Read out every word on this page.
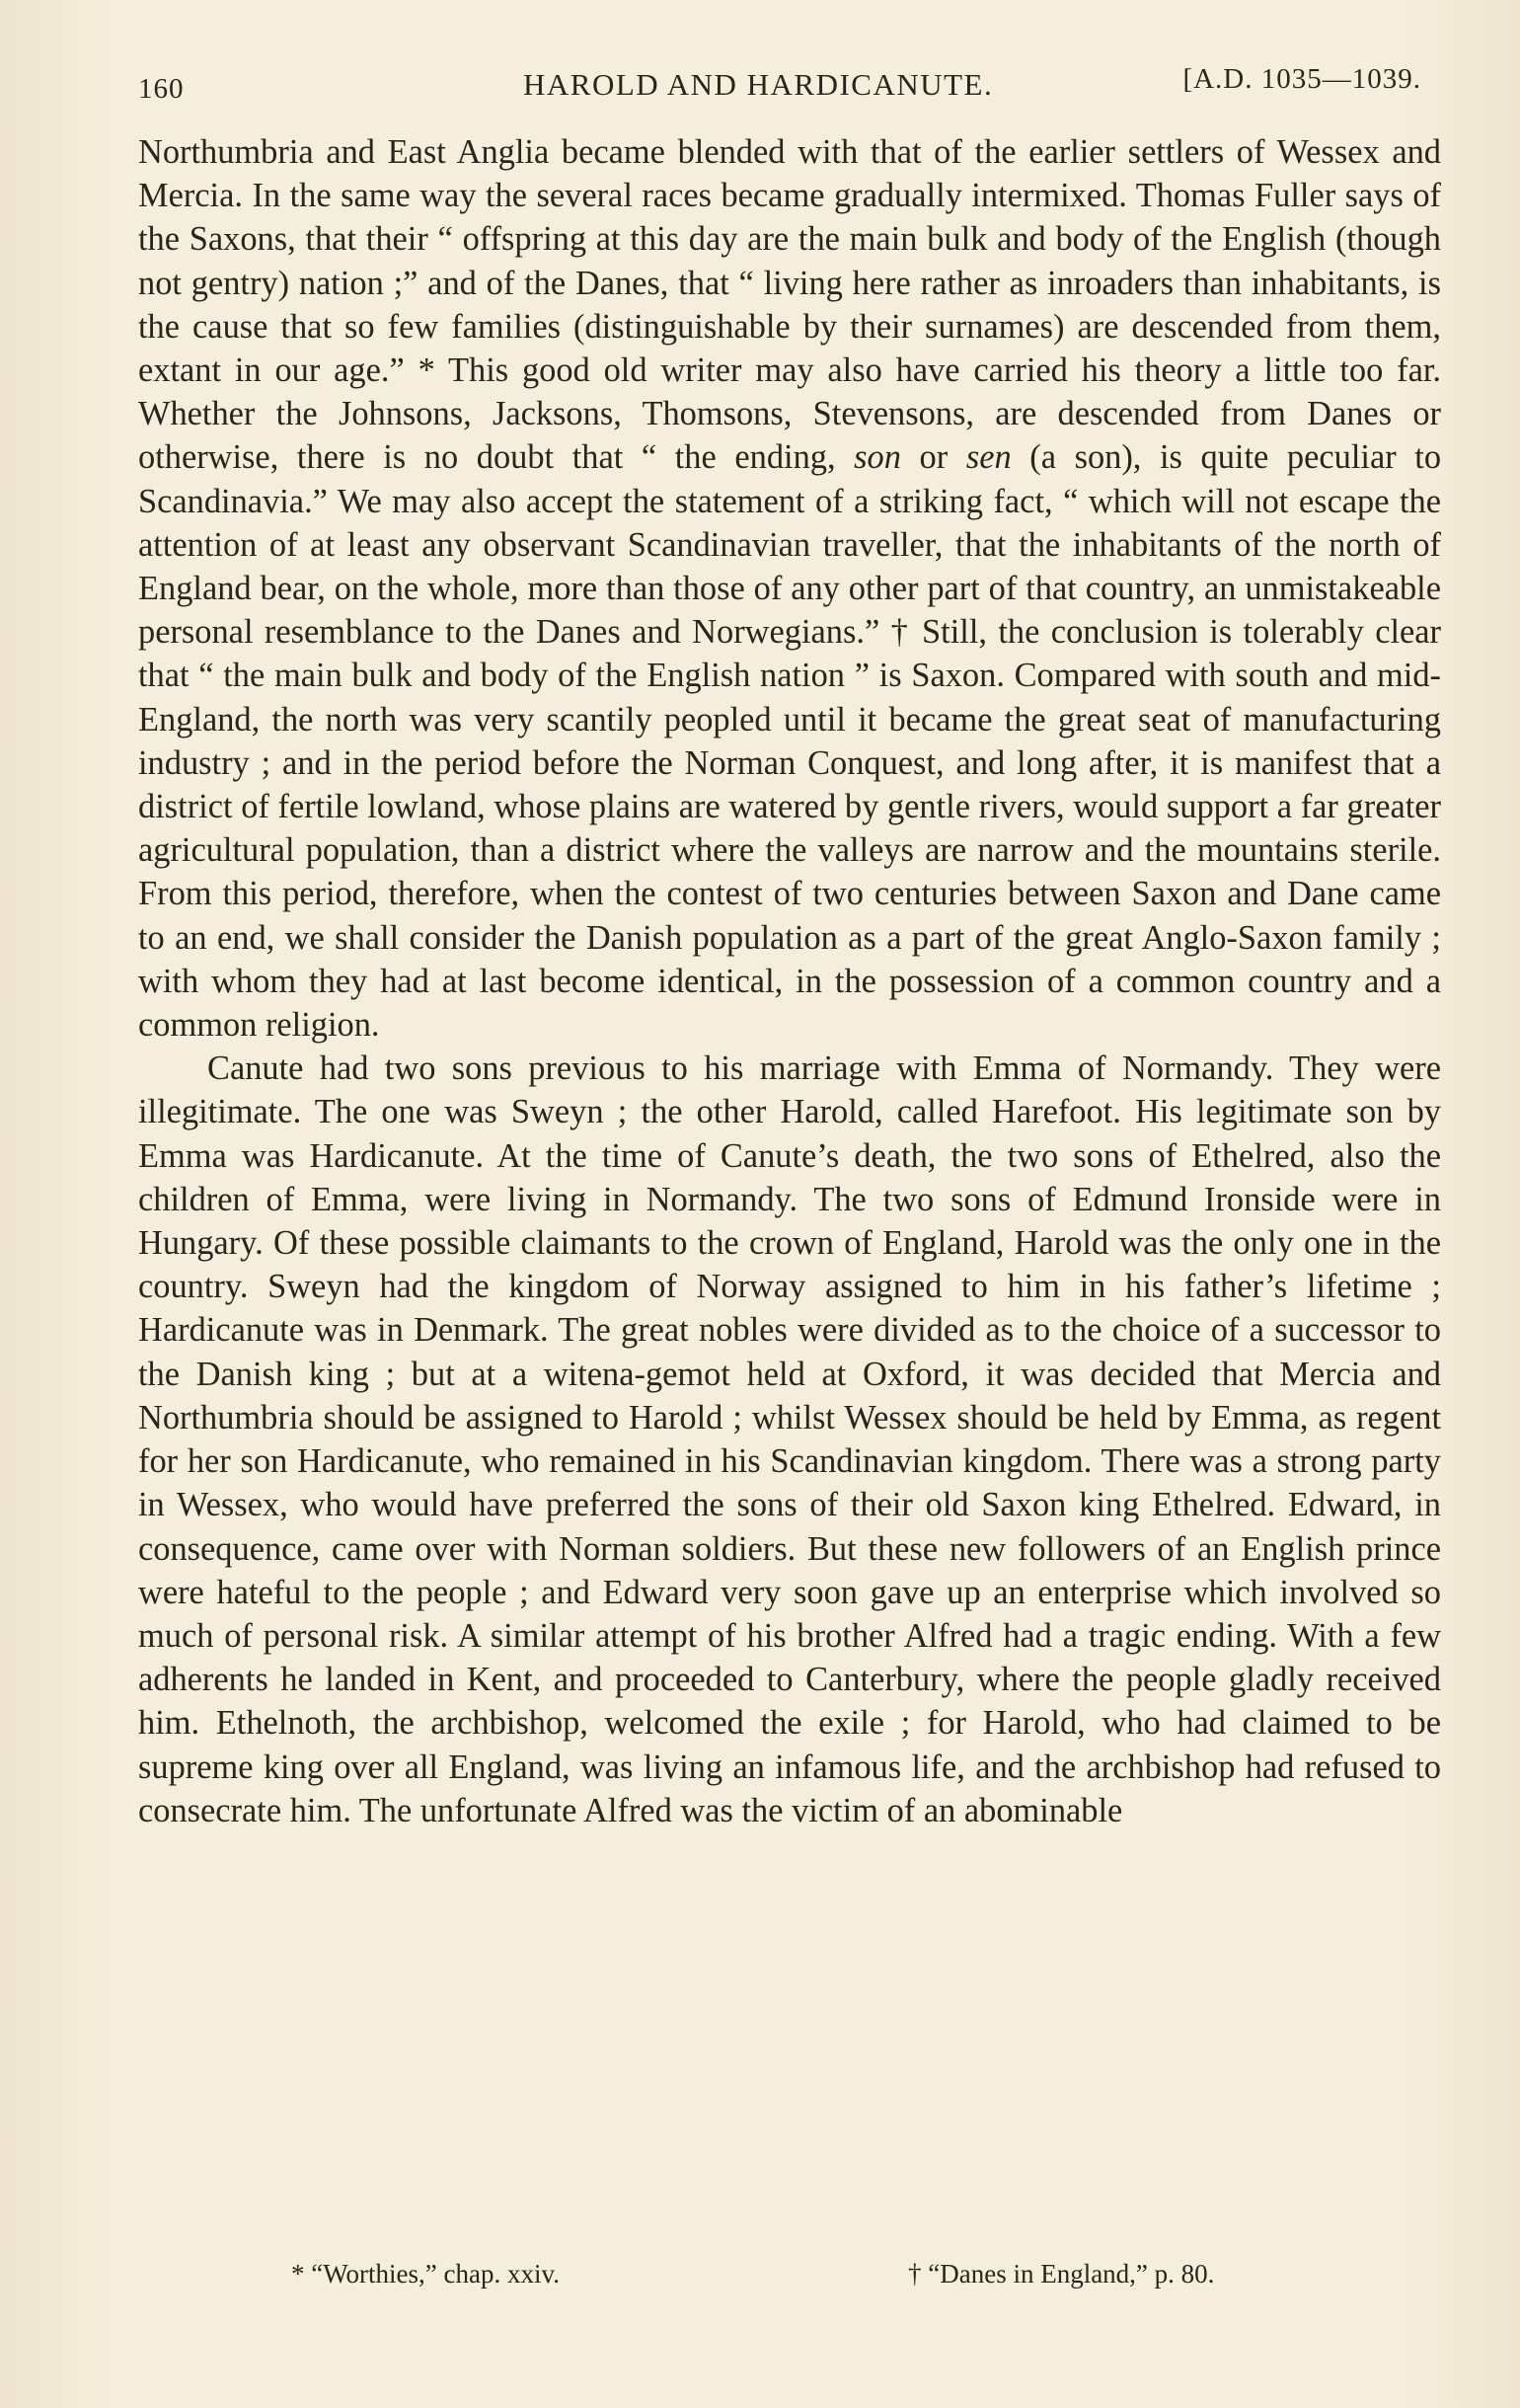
160	HAROLD AND HARDICANUTE.	[A.D. 1035—1039.

Northumbria and East Anglia became blended with that of the earlier settlers of Wessex and Mercia. In the same way the several races became gradually intermixed. Thomas Fuller says of the Saxons, that their “ offspring at this day are the main bulk and body of the English (though not gentry) nation ;” and of the Danes, that “ living here rather as inroaders than inhabitants, is the cause that so few families (distinguishable by their surnames) are descended from them, extant in our age.” * This good old writer may also have carried his theory a little too far. Whether the Johnsons, Jacksons, Thomsons, Stevensons, are descended from Danes or otherwise, there is no doubt that “ the ending, son or sen (a son), is quite peculiar to Scandinavia.” We may also accept the statement of a striking fact, “ which will not escape the attention of at least any observant Scandinavian traveller, that the inhabitants of the north of England bear, on the whole, more than those of any other part of that country, an unmistakeable personal resemblance to the Danes and Norwegians.” † Still, the conclusion is tolerably clear that “ the main bulk and body of the English nation ” is Saxon. Compared with south and mid-England, the north was very scantily peopled until it became the great seat of manufacturing industry ; and in the period before the Norman Conquest, and long after, it is manifest that a district of fertile lowland, whose plains are watered by gentle rivers, would support a far greater agricultural population, than a district where the valleys are narrow and the mountains sterile. From this period, therefore, when the contest of two centuries between Saxon and Dane came to an end, we shall consider the Danish population as a part of the great Anglo-Saxon family ; with whom they had at last become identical, in the possession of a common country and a common religion.

Canute had two sons previous to his marriage with Emma of Normandy. They were illegitimate. The one was Sweyn ; the other Harold, called Harefoot. His legitimate son by Emma was Hardicanute. At the time of Canute’s death, the two sons of Ethelred, also the children of Emma, were living in Normandy. The two sons of Edmund Ironside were in Hungary. Of these possible claimants to the crown of England, Harold was the only one in the country. Sweyn had the kingdom of Norway assigned to him in his father’s lifetime ; Hardicanute was in Denmark. The great nobles were divided as to the choice of a successor to the Danish king ; but at a witena-gemot held at Oxford, it was decided that Mercia and Northumbria should be assigned to Harold ; whilst Wessex should be held by Emma, as regent for her son Hardicanute, who remained in his Scandinavian kingdom. There was a strong party in Wessex, who would have preferred the sons of their old Saxon king Ethelred. Edward, in consequence, came over with Norman soldiers. But these new followers of an English prince were hateful to the people ; and Edward very soon gave up an enterprise which involved so much of personal risk. A similar attempt of his brother Alfred had a tragic ending. With a few adherents he landed in Kent, and proceeded to Canterbury, where the people gladly received him. Ethelnoth, the archbishop, welcomed the exile ; for Harold, who had claimed to be supreme king over all England, was living an infamous life, and the archbishop had refused to consecrate him. The unfortunate Alfred was the victim of an abominable

* “Worthies,” chap. xxiv.	† “Danes in England,” p. 80.
